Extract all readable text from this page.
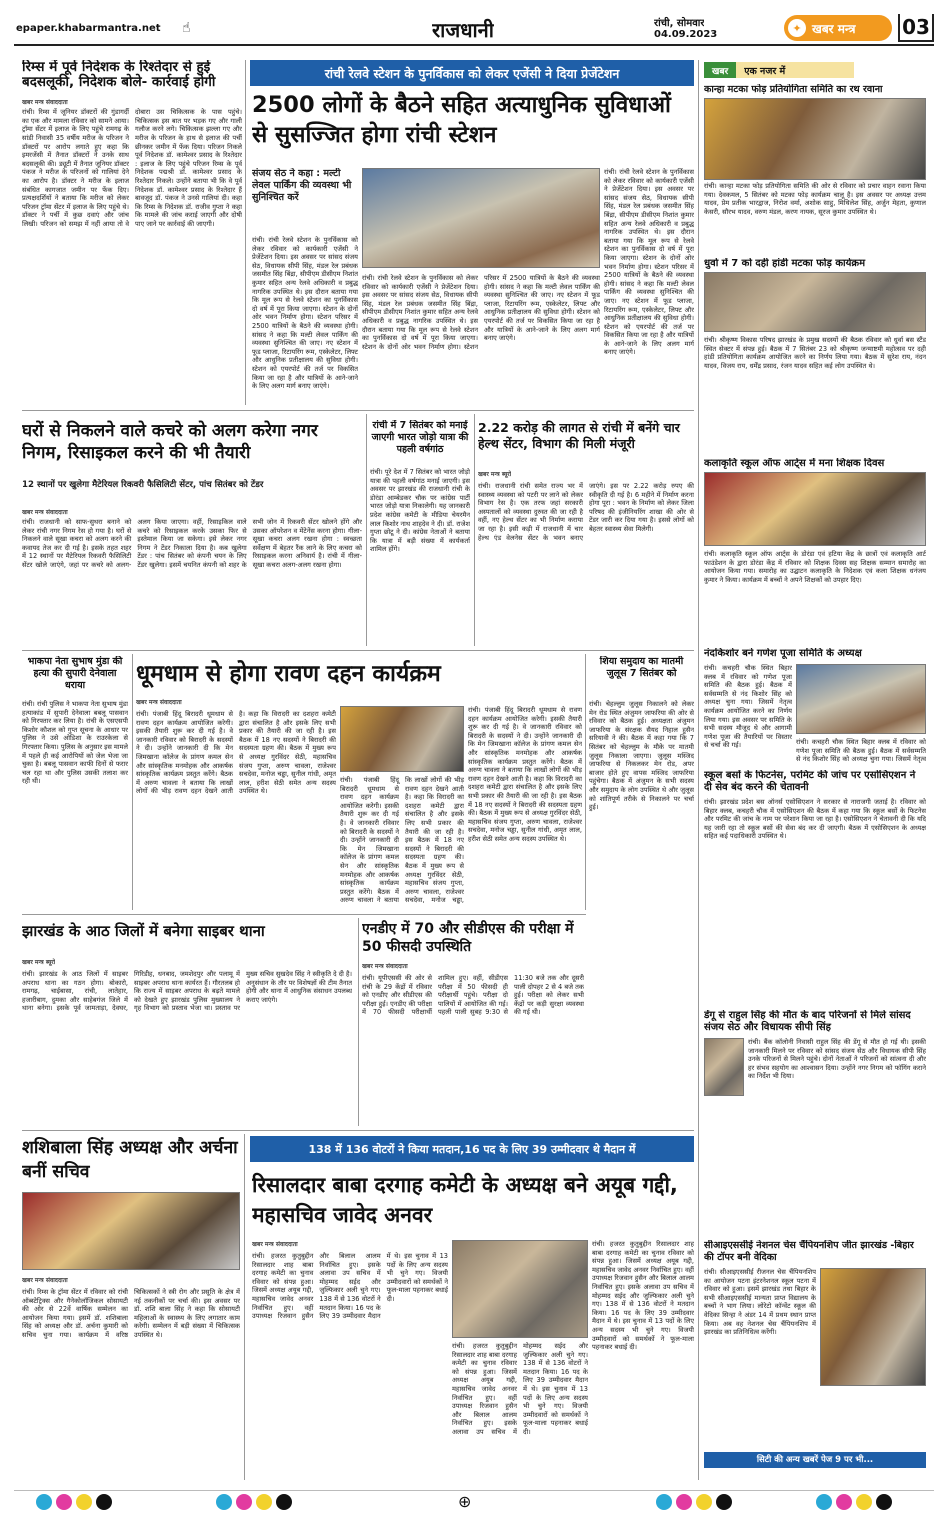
epaper.khabarmantra.net ☝	राजधानी	रांची, सोमवार
04.09.2023	✦ खबर मन्त्र 03
रिम्स में पूर्व निदेशक के रिश्तेदार से हुई बदसलूकी, निदेशक बोले- कार्रवाई होगी
खबर मन्त्र संवाददाता
रांची। रिम्स में जूनियर डॉक्टरों की गुंडागर्दी का एक और मामला रविवार को सामने आया। ट्रॉमा सेंटर में इलाज के लिए पहुंचे रामगढ़ के सांडी निवासी 35 वर्षीय मरीज के परिजन ने डॉक्टरों पर आरोप लगाते हुए कहा कि इमरजेंसी में तैनात डॉक्टरों ने उनके साथ बदसलूकी की। ड्यूटी में तैनात जूनियर डॉक्टर पंकज ने मरीज के परिजनों को गालियां देने का आरोप है। डॉक्टर ने मरीज के इलाज संबंधित कागजात जमीन पर फेंक दिए। प्रत्यक्षदर्शियों ने बताया कि मरीज को लेकर परिजन ट्रॉमा सेंटर में इलाज के लिए पहुंचे थे। डॉक्टर ने पर्ची में कुछ दवाएं और जांच लिखी। परिजन को समझ में नहीं आया तो वे दोबारा उस चिकित्सक के पास पहुंचे। चिकित्सक इस बात पर भड़क गए और गाली गलौज करने लगे। चिकित्सक झल्ला गए और मरीज के परिजन के हाथ से इलाज की पर्ची छीनकर जमीन में फेंक दिया। परिजन निकले पूर्व निदेशक डॉ. कामेश्वर प्रसाद के रिश्तेदार : इलाज के लिए पहुंचे परिजन रिम्स के पूर्व निदेशक पद्मश्री डॉ. कामेश्वर प्रसाद के रिश्तेदार निकले। उन्होंने बताया भी कि वे पूर्व निदेशक डॉ. कामेश्वर प्रसाद के रिश्तेदार हैं बावजूद डॉ. पंकज ने उनसे गालियां दी। कहा कि रिम्स के निदेशक डॉ. राजीव गुप्ता ने कहा कि मामले की जांच कराई जाएगी और दोषी पाए जाने पर कार्रवाई की जाएगी।
रांची रेलवे स्टेशन के पुनर्विकास को लेकर एजेंसी ने दिया प्रेजेंटेशन
2500 लोगों के बैठने सहित अत्याधुनिक सुविधाओं से सुसज्जित होगा रांची स्टेशन
संजय सेठ ने कहा : मल्टी लेवल पार्किंग की व्यवस्था भी सुनिश्चित करें
रांची। रांची रेलवे स्टेशन के पुनर्विकास को लेकर रविवार को कार्यकारी एजेंसी ने प्रेजेंटेशन दिया। इस अवसर पर सांसद संजय सेठ, विधायक सीपी सिंह, मंडल रेल प्रबंधक जसमीत सिंह बिंद्रा, सीपीएम डीसीएम निशांत कुमार सहित अन्य रेलवे अधिकारी व प्रबुद्ध नागरिक उपस्थित थे। इस दौरान बताया गया कि मूल रूप से रेलवे स्टेशन का पुनर्विकास दो वर्ष में पूरा किया जाएगा। स्टेशन के दोनों ओर भवन निर्माण होगा। स्टेशन परिसर में 2500 यात्रियों के बैठने की व्यवस्था होगी। सांसद ने कहा कि मल्टी लेवल पार्किंग की व्यवस्था सुनिश्चित की जाए। नए स्टेशन में फूड प्लाजा, रिटायरिंग रूम, एस्केलेटर, लिफ्ट और आधुनिक प्रतीक्षालय की सुविधा होगी। स्टेशन को एयरपोर्ट की तर्ज पर विकसित किया जा रहा है और यात्रियों के आने-जाने के लिए अलग मार्ग बनाए जाएंगे।
रांची। रांची रेलवे स्टेशन के पुनर्विकास को लेकर रविवार को कार्यकारी एजेंसी ने प्रेजेंटेशन दिया। इस अवसर पर सांसद संजय सेठ, विधायक सीपी सिंह, मंडल रेल प्रबंधक जसमीत सिंह बिंद्रा, सीपीएम डीसीएम निशांत कुमार सहित अन्य रेलवे अधिकारी व प्रबुद्ध नागरिक उपस्थित थे। इस दौरान बताया गया कि मूल रूप से रेलवे स्टेशन का पुनर्विकास दो वर्ष में पूरा किया जाएगा। स्टेशन के दोनों ओर भवन निर्माण होगा। स्टेशन परिसर में 2500 यात्रियों के बैठने की व्यवस्था होगी। सांसद ने कहा कि मल्टी लेवल पार्किंग की व्यवस्था सुनिश्चित की जाए। नए स्टेशन में फूड प्लाजा, रिटायरिंग रूम, एस्केलेटर, लिफ्ट और आधुनिक प्रतीक्षालय की सुविधा होगी। स्टेशन को एयरपोर्ट की तर्ज पर विकसित किया जा रहा है और यात्रियों के आने-जाने के लिए अलग मार्ग बनाए जाएंगे।
रांची। रांची रेलवे स्टेशन के पुनर्विकास को लेकर रविवार को कार्यकारी एजेंसी ने प्रेजेंटेशन दिया। इस अवसर पर सांसद संजय सेठ, विधायक सीपी सिंह, मंडल रेल प्रबंधक जसमीत सिंह बिंद्रा, सीपीएम डीसीएम निशांत कुमार सहित अन्य रेलवे अधिकारी व प्रबुद्ध नागरिक उपस्थित थे। इस दौरान बताया गया कि मूल रूप से रेलवे स्टेशन का पुनर्विकास दो वर्ष में पूरा किया जाएगा। स्टेशन के दोनों ओर भवन निर्माण होगा। स्टेशन परिसर में 2500 यात्रियों के बैठने की व्यवस्था होगी। सांसद ने कहा कि मल्टी लेवल पार्किंग की व्यवस्था सुनिश्चित की जाए। नए स्टेशन में फूड प्लाजा, रिटायरिंग रूम, एस्केलेटर, लिफ्ट और आधुनिक प्रतीक्षालय की सुविधा होगी। स्टेशन को एयरपोर्ट की तर्ज पर विकसित किया जा रहा है और यात्रियों के आने-जाने के लिए अलग मार्ग बनाए जाएंगे।
घरों से निकलने वाले कचरे को अलग करेगा नगर निगम, रिसाइकल करने की भी तैयारी
12 स्थानों पर खुलेगा मैटेरियल रिकवरी फैसिलिटी सेंटर, पांच सितंबर को टेंडर
खबर मन्त्र संवाददाता
रांची। राजधानी को साफ-सुथरा बनाने को लेकर रांची नगर निगम रेस हो गया है। घरों से निकलने वाले सूखा कचरा को अलग करने की कवायद तेज कर दी गई है। इसके तहत शहर में 12 स्थानों पर मैटेरियल रिकवरी फैसिलिटी सेंटर खोले जाएंगे, जहां पर कचरे को अलग-अलग किया जाएगा। वहीं, रिसाइकिल वाले कचरे को रिसाइकल करके उसका फिर से इस्तेमाल किया जा सकेगा। इसे लेकर नगर निगम ने टेंडर निकाला दिया है। कब खुलेगा टेंडर : पांच सितंबर को कंपनी चयन के लिए टेंडर खुलेगा। इसमें चयनित कंपनी को शहर के सभी जोन में रिकवरी सेंटर खोलने होंगे और उसका ऑपरेशन व मेंटेनेंस करना होगा। गीला-सूखा कचरा अलग रखना होगा : स्वच्छता सर्वेक्षण में बेहतर रैंक लाने के लिए कचरा को रिसाइकल करना अनिवार्य है। रांची में गीला-सूखा कचरा अलग-अलग रखना होगा।
रांची में 7 सितंबर को मनाई जाएगी भारत जोड़ो यात्रा की पहली वर्षगांठ
रांची। पूरे देश में 7 सितंबर को भारत जोड़ो यात्रा की पहली वर्षगांठ मनाई जाएगी। इस अवसर पर झारखंड की राजधानी रांची के डोरंडा आम्बेडकर चौक पर कांग्रेस पार्टी भारत जोड़ो यात्रा निकालेगी। यह जानकारी प्रदेश कांग्रेस कमेटी के मीडिया चेयरमैन लाल किशोर नाथ शाहदेव ने दी। डॉ. राजेश गुप्ता छोटू ने दी। कांग्रेस नेताओं ने बताया कि यात्रा में बड़ी संख्या में कार्यकर्ता शामिल होंगे।
2.22 करोड़ की लागत से रांची में बनेंगे चार हेल्थ सेंटर, विभाग की मिली मंजूरी
खबर मन्त्र ब्यूरो
रांची। राजधानी रांची समेत राज्य भर में स्वास्थ्य व्यवस्था को पटरी पर लाने को लेकर विभाग रेस है। एक तरफ जहां सरकारी अस्पतालों को व्यवस्था दुरुस्त की जा रही है वहीं, नए हेल्थ सेंटर का भी निर्माण कराया जा रहा है। इसी कड़ी में राजधानी में चार हेल्थ एंड वेलनेस सेंटर के भवन बनाए जाएंगे। इस पर 2.22 करोड़ रुपए की स्वीकृति दी गई है। 6 महीने में निर्माण करना होगा पूरा : भवन के निर्माण को लेकर जिला परिषद की इंजीनियरिंग शाखा की ओर से टेंडर जारी कर दिया गया है। इससे लोगों को बेहतर स्वास्थ्य सेवा मिलेगी।
भाकपा नेता सुभाष मुंडा की हत्या की सुपारी देनेवाला धराया
रांची। रांची पुलिस ने भाकपा नेता सुभाष मुंडा हत्याकांड में सुपारी देनेवाला बबलू पासवान को गिरफ्तार कर लिया है। रांची के एसएसपी किशोर कौशल को गुप्त सूचना के आधार पर पुलिस ने उसे ओडिशा के राउरकेला से गिरफ्तार किया। पुलिस के अनुसार इस मामले में पहले ही कई आरोपियों को जेल भेजा जा चुका है। बबलू पासवान काफी दिनों से फरार चल रहा था और पुलिस उसकी तलाश कर रही थी।
धूमधाम से होगा रावण दहन कार्यक्रम
खबर मन्त्र संवाददाता
रांची। पंजाबी हिंदू बिरादरी धूमधाम से रावण दहन कार्यक्रम आयोजित करेगी। इसकी तैयारी शुरू कर दी गई है। वे जानकारी रविवार को बिरादरी के सदस्यों ने दी। उन्होंने जानकारी दी कि मेन जिमखाना कॉलेज के प्रांगण कमल सेन और सांस्कृतिक मनमोहक और आकर्षक सांस्कृतिक कार्यक्रम प्रस्तुत करेंगे। बैठक में अरुण चावला ने बताया कि लाखों लोगों की भीड़ रावण दहन देखने आती है। कहा कि विरादरी का दशहरा कमेटी द्वारा संचालित है और इसके लिए सभी प्रकार की तैयारी की जा रही है। इस बैठक में 18 नए सदस्यों ने बिरादरी की सदस्यता ग्रहण की। बैठक में मुख्य रूप से अध्यक्ष गुरविंदर सेठी, महासचिव संजय गुप्ता, अरुण चावला, राजेश्वर सचदेवा, मनोज चड्ढा, सुनील गांधी, अमृत लाल, हरीश सेठी समेत अन्य सदस्य उपस्थित थे।
रांची। पंजाबी हिंदू बिरादरी धूमधाम से रावण दहन कार्यक्रम आयोजित करेगी। इसकी तैयारी शुरू कर दी गई है। वे जानकारी रविवार को बिरादरी के सदस्यों ने दी। उन्होंने जानकारी दी कि मेन जिमखाना कॉलेज के प्रांगण कमल सेन और सांस्कृतिक मनमोहक और आकर्षक सांस्कृतिक कार्यक्रम प्रस्तुत करेंगे। बैठक में अरुण चावला ने बताया कि लाखों लोगों की भीड़ रावण दहन देखने आती है। कहा कि विरादरी का दशहरा कमेटी द्वारा संचालित है और इसके लिए सभी प्रकार की तैयारी की जा रही है। इस बैठक में 18 नए सदस्यों ने बिरादरी की सदस्यता ग्रहण की। बैठक में मुख्य रूप से अध्यक्ष गुरविंदर सेठी, महासचिव संजय गुप्ता, अरुण चावला, राजेश्वर सचदेवा, मनोज चड्ढा,
रांची। पंजाबी हिंदू बिरादरी धूमधाम से रावण दहन कार्यक्रम आयोजित करेगी। इसकी तैयारी शुरू कर दी गई है। वे जानकारी रविवार को बिरादरी के सदस्यों ने दी। उन्होंने जानकारी दी कि मेन जिमखाना कॉलेज के प्रांगण कमल सेन और सांस्कृतिक मनमोहक और आकर्षक सांस्कृतिक कार्यक्रम प्रस्तुत करेंगे। बैठक में अरुण चावला ने बताया कि लाखों लोगों की भीड़ रावण दहन देखने आती है। कहा कि विरादरी का दशहरा कमेटी द्वारा संचालित है और इसके लिए सभी प्रकार की तैयारी की जा रही है। इस बैठक में 18 नए सदस्यों ने बिरादरी की सदस्यता ग्रहण की। बैठक में मुख्य रूप से अध्यक्ष गुरविंदर सेठी, महासचिव संजय गुप्ता, अरुण चावला, राजेश्वर सचदेवा, मनोज चड्ढा, सुनील गांधी, अमृत लाल, हरीश सेठी समेत अन्य सदस्य उपस्थित थे।
शिया समुदाय का मातमी जुलूस 7 सितंबर को
रांची। चेहल्लुम जुलूस निकालने को लेकर मेन रोड स्थित अंजुमन जाफरिया की ओर से रविवार को बैठक हुई। अध्यक्षता अंजुमन जाफरिया के संरक्षक सैयद निहाल हुसैन सरियावी ने की। बैठक में कहा गया कि 7 सितंबर को चेहल्लुम के मौके पर मातमी जुलूस निकाला जाएगा। जुलूस मस्जिद जाफरिया से निकलकर मेन रोड, अपर बाजार होते हुए वापस मस्जिद जाफरिया पहुंचेगा। बैठक में अंजुमन के सभी सदस्य और समुदाय के लोग उपस्थित थे और जुलूस को शांतिपूर्ण तरीके से निकालने पर चर्चा हुई।
झारखंड के आठ जिलों में बनेगा साइबर थाना
खबर मन्त्र ब्यूरो
रांची। झारखंड के आठ जिलों में साइबर अपराध थाना का गठन होगा। बोकारो, रामगढ़, चाईबासा, रांची, लातेहार, हजारीबाग, दुमका और साहेबगंज जिले में थाना बनेगा। इसके पूर्व जामताड़ा, देवघर, गिरिडीह, धनबाद, जमशेदपुर और पलामू में साइबर अपराध थाना कार्यरत हैं। गौरतलब हो कि राज्य में साइबर अपराध के बढ़ते मामले को देखते हुए झारखंड पुलिस मुख्यालय ने गृह विभाग को प्रस्ताव भेजा था। प्रस्ताव पर मुख्य सचिव सुखदेव सिंह ने स्वीकृति दे दी है। अनुसंधान के तौर पर विशेषज्ञों की टीम तैनात होगी और थाना में आधुनिक संसाधन उपलब्ध कराए जाएंगे।
एनडीए में 70 और सीडीएस की परीक्षा में 50 फीसदी उपस्थिति
खबर मन्त्र संवाददाता
रांची। यूपीएससी की ओर से रांची के 29 केंद्रों में रविवार को एनडीए और सीडीएस की परीक्षा हुई। एनडीए की परीक्षा में 70 फीसदी परीक्षार्थी शामिल हुए। वहीं, सीडीएस परीक्षा में 50 फीसदी ही परीक्षार्थी पहुंचे। परीक्षा दो पालियों में आयोजित की गई। पहली पाली सुबह 9:30 से 11:30 बजे तक और दूसरी पाली दोपहर 2 से 4 बजे तक हुई। परीक्षा को लेकर सभी केंद्रों पर कड़ी सुरक्षा व्यवस्था की गई थी।
शशिबाला सिंह अध्यक्ष और अर्चना बनीं सचिव
खबर मन्त्र संवाददाता
रांची। रिम्स के ट्रॉमा सेंटर में रविवार को रांची ऑब्स्टेट्रिक्स और गैनेकोलॉजिकल सोसायटी की ओर से 22वें वार्षिक सम्मेलन का आयोजन किया गया। इसमें डॉ. शशिबाला सिंह को अध्यक्ष और डॉ. अर्चना कुमारी को सचिव चुना गया। कार्यक्रम में वरिष्ठ चिकित्सकों ने स्त्री रोग और प्रसूति के क्षेत्र में नई तकनीकों पर चर्चा की। इस अवसर पर डॉ. शशि बाला सिंह ने कहा कि सोसायटी महिलाओं के स्वास्थ्य के लिए लगातार काम करेगी। सम्मेलन में बड़ी संख्या में चिकित्सक उपस्थित थे।
138 में 136 वोटरों ने किया मतदान,16 पद के लिए 39 उम्मीदवार थे मैदान में
रिसालदार बाबा दरगाह कमेटी के अध्यक्ष बने अयूब गद्दी, महासचिव जावेद अनवर
खबर मन्त्र संवाददाता
रांची। हजरत कुतुबुद्दीन रिसालदार शाह बाबा दरगाह कमेटी का चुनाव रविवार को संपन्न हुआ। जिसमें अध्यक्ष अयूब गद्दी, महासचिव जावेद अनवर निर्वाचित हुए। वहीं उपाध्यक्ष रिजवान हुसैन और बिलाल आलम निर्वाचित हुए। इसके अलावा उप सचिव में मोहम्मद सईद और जुल्फिकार अली चुने गए। 138 में से 136 वोटरों ने मतदान किया। 16 पद के लिए 39 उम्मीदवार मैदान में थे। इस चुनाव में 13 पदों के लिए अन्य सदस्य भी चुने गए। विजयी उम्मीदवारों को समर्थकों ने फूल-माला पहनाकर बधाई दी।
रांची। हजरत कुतुबुद्दीन रिसालदार शाह बाबा दरगाह कमेटी का चुनाव रविवार को संपन्न हुआ। जिसमें अध्यक्ष अयूब गद्दी, महासचिव जावेद अनवर निर्वाचित हुए। वहीं उपाध्यक्ष रिजवान हुसैन और बिलाल आलम निर्वाचित हुए। इसके अलावा उप सचिव में मोहम्मद सईद और जुल्फिकार अली चुने गए। 138 में से 136 वोटरों ने मतदान किया। 16 पद के लिए 39 उम्मीदवार मैदान में थे। इस चुनाव में 13 पदों के लिए अन्य सदस्य भी चुने गए। विजयी उम्मीदवारों को समर्थकों ने फूल-माला पहनाकर बधाई दी।
रांची। हजरत कुतुबुद्दीन रिसालदार शाह बाबा दरगाह कमेटी का चुनाव रविवार को संपन्न हुआ। जिसमें अध्यक्ष अयूब गद्दी, महासचिव जावेद अनवर निर्वाचित हुए। वहीं उपाध्यक्ष रिजवान हुसैन और बिलाल आलम निर्वाचित हुए। इसके अलावा उप सचिव में मोहम्मद सईद और जुल्फिकार अली चुने गए। 138 में से 136 वोटरों ने मतदान किया। 16 पद के लिए 39 उम्मीदवार मैदान में थे। इस चुनाव में 13 पदों के लिए अन्य सदस्य भी चुने गए। विजयी उम्मीदवारों को समर्थकों ने फूल-माला पहनाकर बधाई दी।
खबर	एक नजर में
कान्हा मटका फोड़ प्रतियोगिता समिति का रथ रवाना
रांची। कान्हा मटका फोड़ प्रतियोगिता समिति की ओर से रविवार को प्रचार वाहन रवाना किया गया। देवकमल, 5 सितंबर को मटका फोड़ कार्यक्रम चालू है। इस अवसर पर अध्यक्ष उत्तम यादव, प्रेम प्रतीक भारद्वाज, निरोश वर्मा, अशोक साहु, मिथिलेश सिंह, अर्जुन मेहता, कुणाल केसरी, सौरभ यादव, वरुण मंडल, करण नायक, सूरज कुमार उपस्थित थे।
धुर्वा में 7 को दही हांडी मटका फोड़ कार्यक्रम
रांची। श्रीकृष्ण विकास परिषद झारखंड के प्रमुख सदस्यों की बैठक रविवार को धुर्वा बस स्टैंड स्थित सेक्टर में संपन्न हुई। बैठक में 7 सितंबर 23 को श्रीकृष्ण जन्माष्टमी महोत्सव पर दही हांडी प्रतियोगिता कार्यक्रम आयोजित करने का निर्णय लिया गया। बैठक में सुरेश राय, नंदन यादव, विजय राय, धर्मेंद्र प्रसाद, रंजन यादव सहित कई लोग उपस्थित थे।
कलाकृति स्कूल ऑफ आर्ट्स में मना शिक्षक दिवस
रांची। कलाकृति स्कूल ऑफ आर्ट्स के डोरंडा एवं हटिया केंद्र के छात्रों एवं कलाकृति आर्ट फाउंडेशन के द्वारा डोरंडा केंद्र में रविवार को शिक्षक दिवस सह शिक्षक सम्मान समारोह का आयोजन किया गया। समारोह का उद्घाटन कलाकृति के निदेशक एवं कला शिक्षक धनंजय कुमार ने किया। कार्यक्रम में बच्चों ने अपने शिक्षकों को उपहार दिए।
नंदकिशोर बने गणेश पूजा समिति के अध्यक्ष
रांची। कचहरी चौक स्थित बिहार क्लब में रविवार को गणेश पूजा समिति की बैठक हुई। बैठक में सर्वसम्मति से नंद किशोर सिंह को अध्यक्ष चुना गया। जिसमें नेतृत्व कार्यक्रम आयोजित करने का निर्णय लिया गया। इस अवसर पर समिति के सभी सदस्य मौजूद थे और आगामी गणेश पूजा की तैयारियों पर विस्तार से चर्चा की गई।	रांची। कचहरी चौक स्थित बिहार क्लब में रविवार को गणेश पूजा समिति की बैठक हुई। बैठक में सर्वसम्मति से नंद किशोर सिंह को अध्यक्ष चुना गया। जिसमें नेतृत्व
स्कूल बसों के फिटनेस, परमिट की जांच पर एसोसिएशन ने दी सेव बंद करने की चेतावनी
रांची। झारखंड प्रदेश बस ऑनर्स एसोसिएशन ने सरकार से नाराजगी जताई है। रविवार को बिहार क्लब, कचहरी चौक में एसोसिएशन की बैठक में कहा गया कि स्कूल बसों के फिटनेस और परमिट की जांच के नाम पर परेशान किया जा रहा है। एसोसिएशन ने चेतावनी दी कि यदि यह जारी रहा तो स्कूल बसों की सेवा बंद कर दी जाएगी। बैठक में एसोसिएशन के अध्यक्ष सहित कई पदाधिकारी उपस्थित थे।
डेंगू से राहुल सिंह की मौत के बाद परिजनों से मिले सांसद संजय सेठ और विधायक सीपी सिंह
रांची। बैंक कॉलोनी निवासी राहुल सिंह की डेंगू से मौत हो गई थी। इसकी जानकारी मिलने पर रविवार को सांसद संजय सेठ और विधायक सीपी सिंह उनके परिजनों से मिलने पहुंचे। दोनों नेताओं ने परिजनों को सांत्वना दी और हर संभव सहयोग का आश्वासन दिया। उन्होंने नगर निगम को फॉगिंग कराने का निर्देश भी दिया।
सीआइएससीई नेशनल चेस चैंपियनशिप जीत झारखंड -बिहार की टॉपर बनी वेदिका
रांची। सीआइएससीई रीजनल चेस चैंपियनशिप का आयोजन पटना इंटरनेशनल स्कूल पटना में रविवार को हुआ। इसमें झारखंड तथा बिहार के सभी सीआइएससीई मान्यता प्राप्त विद्यालय के बच्चों ने भाग लिया। लोरेटो कॉन्वेंट स्कूल की वेदिका सिन्हा ने अंडर 14 में प्रथम स्थान प्राप्त किया। अब वह नेशनल चेस चैंपियनशिप में झारखंड का प्रतिनिधित्व करेंगी।
सिटी की अन्य खबरें पेज 9 पर भी...
⊕
